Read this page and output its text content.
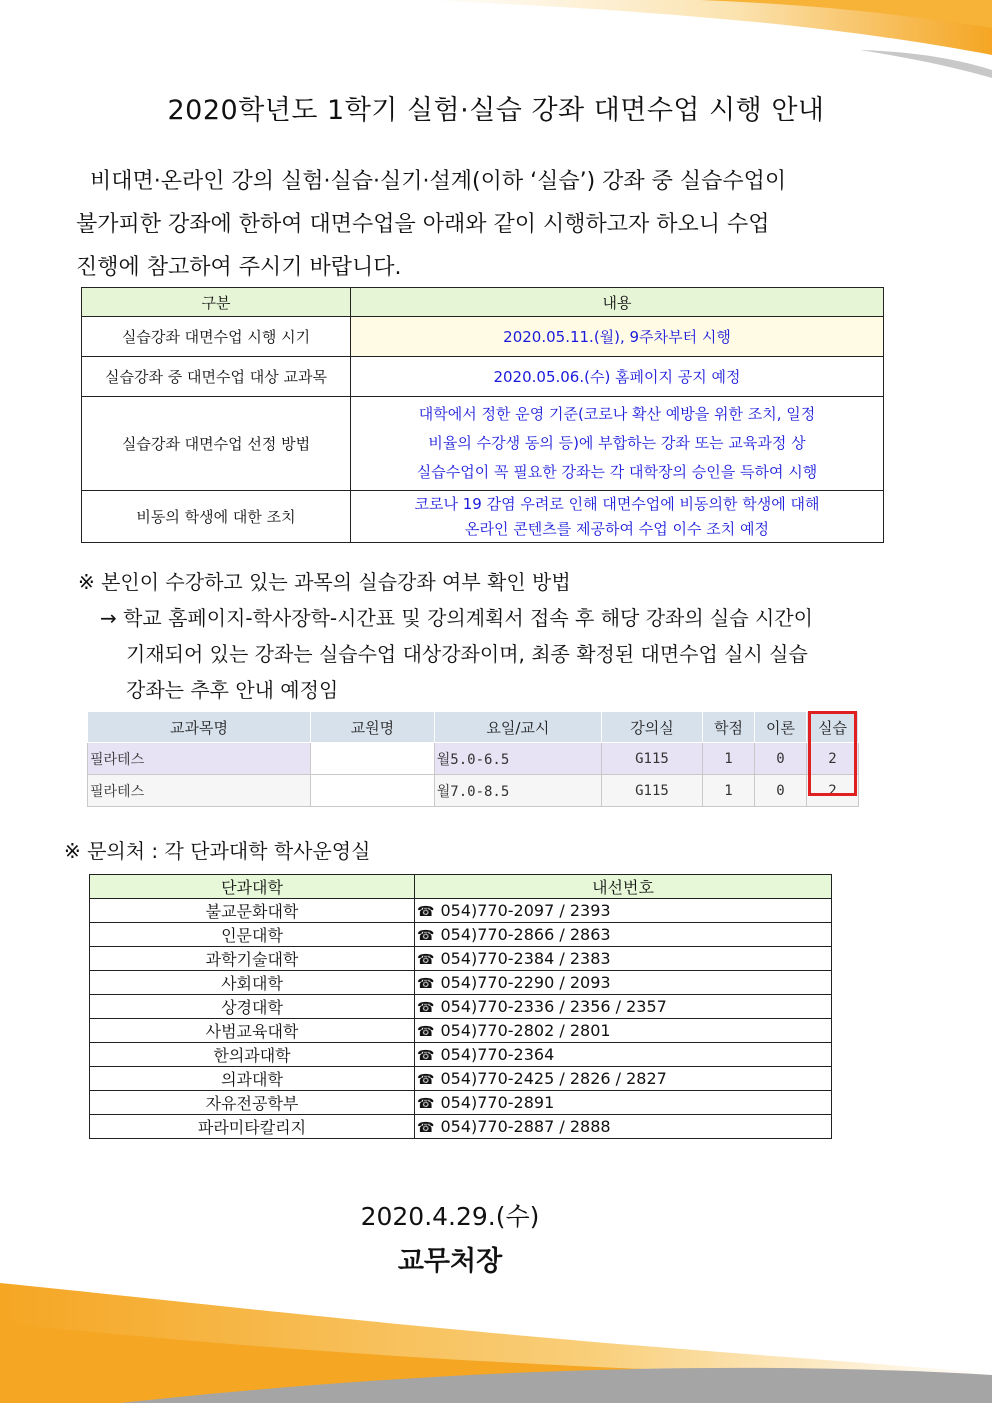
2020학년도 1학기 실험·실습 강좌 대면수업 시행 안내
비대면·온라인 강의 실험·실습·실기·설계(이하 ‘실습’) 강좌 중 실습수업이
불가피한 강좌에 한하여 대면수업을 아래와 같이 시행하고자 하오니 수업
진행에 참고하여 주시기 바랍니다.
구분	내용
실습강좌 대면수업 시행 시기	2020.05.11.(월), 9주차부터 시행
실습강좌 중 대면수업 대상 교과목	2020.05.06.(수) 홈페이지 공지 예정
실습강좌 대면수업 선정 방법	대학에서 정한 운영 기준(코로나 확산 예방을 위한 조치, 일정
비율의 수강생 동의 등)에 부합하는 강좌 또는 교육과정 상
실습수업이 꼭 필요한 강좌는 각 대학장의 승인을 득하여 시행

비동의 학생에 대한 조치	코로나 19 감염 우려로 인해 대면수업에 비동의한 학생에 대해
온라인 콘텐츠를 제공하여 수업 이수 조치 예정
※ 본인이 수강하고 있는 과목의 실습강좌 여부 확인 방법
→ 학교 홈페이지-학사장학-시간표 및 강의계획서 접속 후 해당 강좌의 실습 시간이
기재되어 있는 강좌는 실습수업 대상강좌이며, 최종 확정된 대면수업 실시 실습
강좌는 추후 안내 예정임
교과목명	교원명	요일/교시	강의실	학점	이론	실습
필라테스		월5.0-6.5	G115	1	0	2
필라테스		월7.0-8.5	G115	1	0	2
※ 문의처 : 각 단과대학 학사운영실
단과대학	내선번호
불교문화대학	☎ 054)770-2097 / 2393
인문대학	☎ 054)770-2866 / 2863
과학기술대학	☎ 054)770-2384 / 2383
사회대학	☎ 054)770-2290 / 2093
상경대학	☎ 054)770-2336 / 2356 / 2357
사범교육대학	☎ 054)770-2802 / 2801
한의과대학	☎ 054)770-2364
의과대학	☎ 054)770-2425 / 2826 / 2827
자유전공학부	☎ 054)770-2891
파라미타칼리지	☎ 054)770-2887 / 2888
2020.4.29.(수)
교무처장
